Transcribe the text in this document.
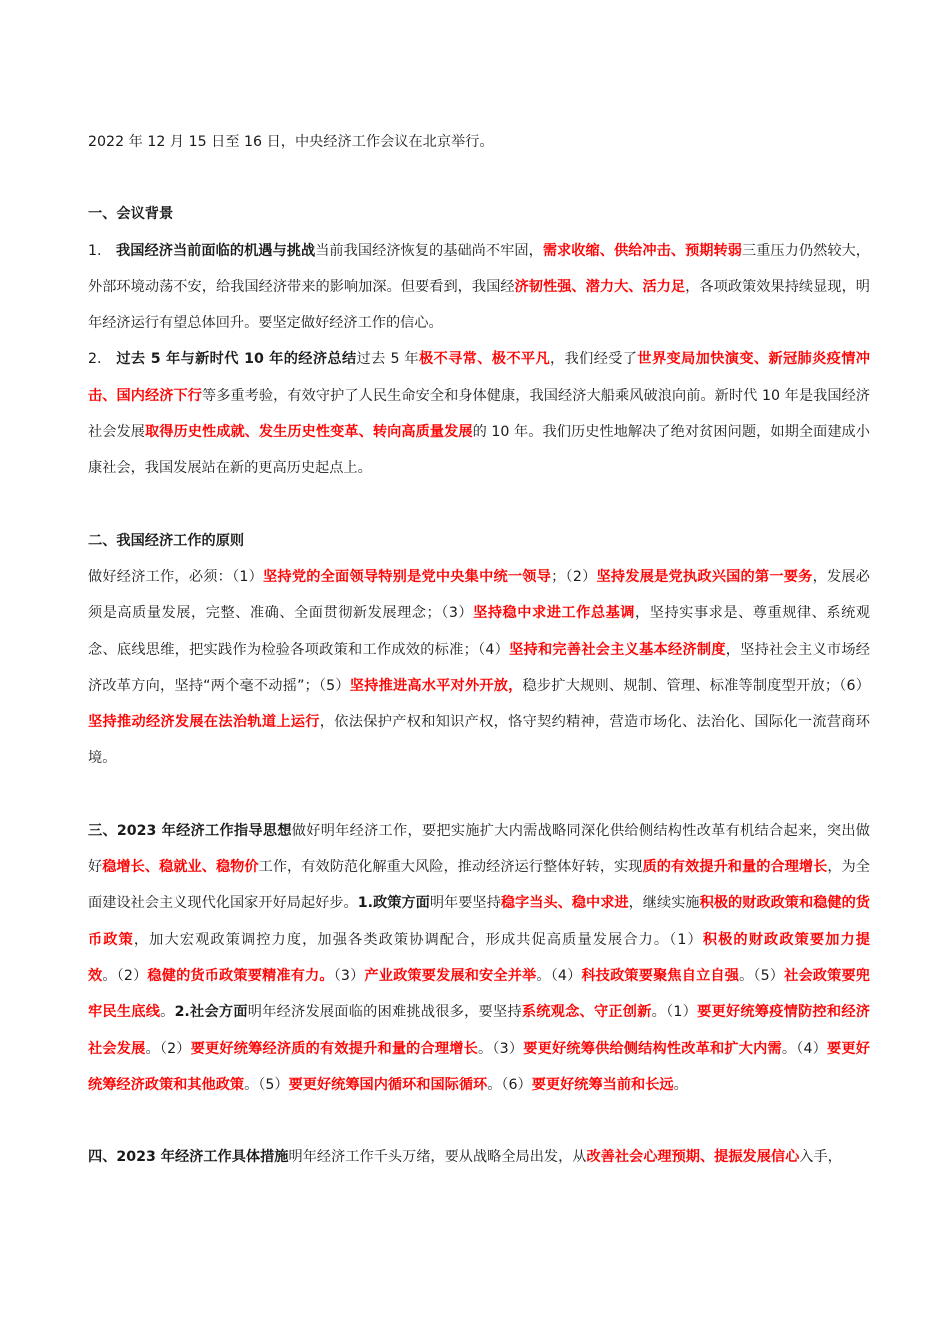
2022 年 12 月 15 日至 16 日，中央经济工作会议在北京举行。

一、会议背景

1. 我国经济当前面临的机遇与挑战当前我国经济恢复的基础尚不牢固，需求收缩、供给冲击、预期转弱三重压力仍然较大，外部环境动荡不安，给我国经济带来的影响加深。但要看到，我国经济韧性强、潜力大、活力足，各项政策效果持续显现，明年经济运行有望总体回升。要坚定做好经济工作的信心。

2. 过去 5 年与新时代 10 年的经济总结过去 5 年极不寻常、极不平凡，我们经受了世界变局加快演变、新冠肺炎疫情冲击、国内经济下行等多重考验，有效守护了人民生命安全和身体健康，我国经济大船乘风破浪向前。新时代 10 年是我国经济社会发展取得历史性成就、发生历史性变革、转向高质量发展的 10 年。我们历史性地解决了绝对贫困问题，如期全面建成小康社会，我国发展站在新的更高历史起点上。

二、我国经济工作的原则

做好经济工作，必须：（1）坚持党的全面领导特别是党中央集中统一领导；（2）坚持发展是党执政兴国的第一要务，发展必须是高质量发展，完整、准确、全面贯彻新发展理念；（3）坚持稳中求进工作总基调，坚持实事求是、尊重规律、系统观念、底线思维，把实践作为检验各项政策和工作成效的标准；（4）坚持和完善社会主义基本经济制度，坚持社会主义市场经济改革方向，坚持“两个毫不动摇”；（5）坚持推进高水平对外开放，稳步扩大规则、规制、管理、标准等制度型开放；（6）坚持推动经济发展在法治轨道上运行，依法保护产权和知识产权，恪守契约精神，营造市场化、法治化、国际化一流营商环境。

三、2023 年经济工作指导思想做好明年经济工作，要把实施扩大内需战略同深化供给侧结构性改革有机结合起来，突出做好稳增长、稳就业、稳物价工作，有效防范化解重大风险，推动经济运行整体好转，实现质的有效提升和量的合理增长，为全面建设社会主义现代化国家开好局起好步。1.政策方面明年要坚持稳字当头、稳中求进，继续实施积极的财政政策和稳健的货币政策，加大宏观政策调控力度，加强各类政策协调配合，形成共促高质量发展合力。（1）积极的财政政策要加力提效。（2）稳健的货币政策要精准有力。（3）产业政策要发展和安全并举。（4）科技政策要聚焦自立自强。（5）社会政策要兜牢民生底线。2.社会方面明年经济发展面临的困难挑战很多，要坚持系统观念、守正创新。（1）要更好统筹疫情防控和经济社会发展。（2）要更好统筹经济质的有效提升和量的合理增长。（3）要更好统筹供给侧结构性改革和扩大内需。（4）要更好统筹经济政策和其他政策。（5）要更好统筹国内循环和国际循环。（6）要更好统筹当前和长远。

四、2023 年经济工作具体措施明年经济工作千头万绪，要从战略全局出发，从改善社会心理预期、提振发展信心入手，
